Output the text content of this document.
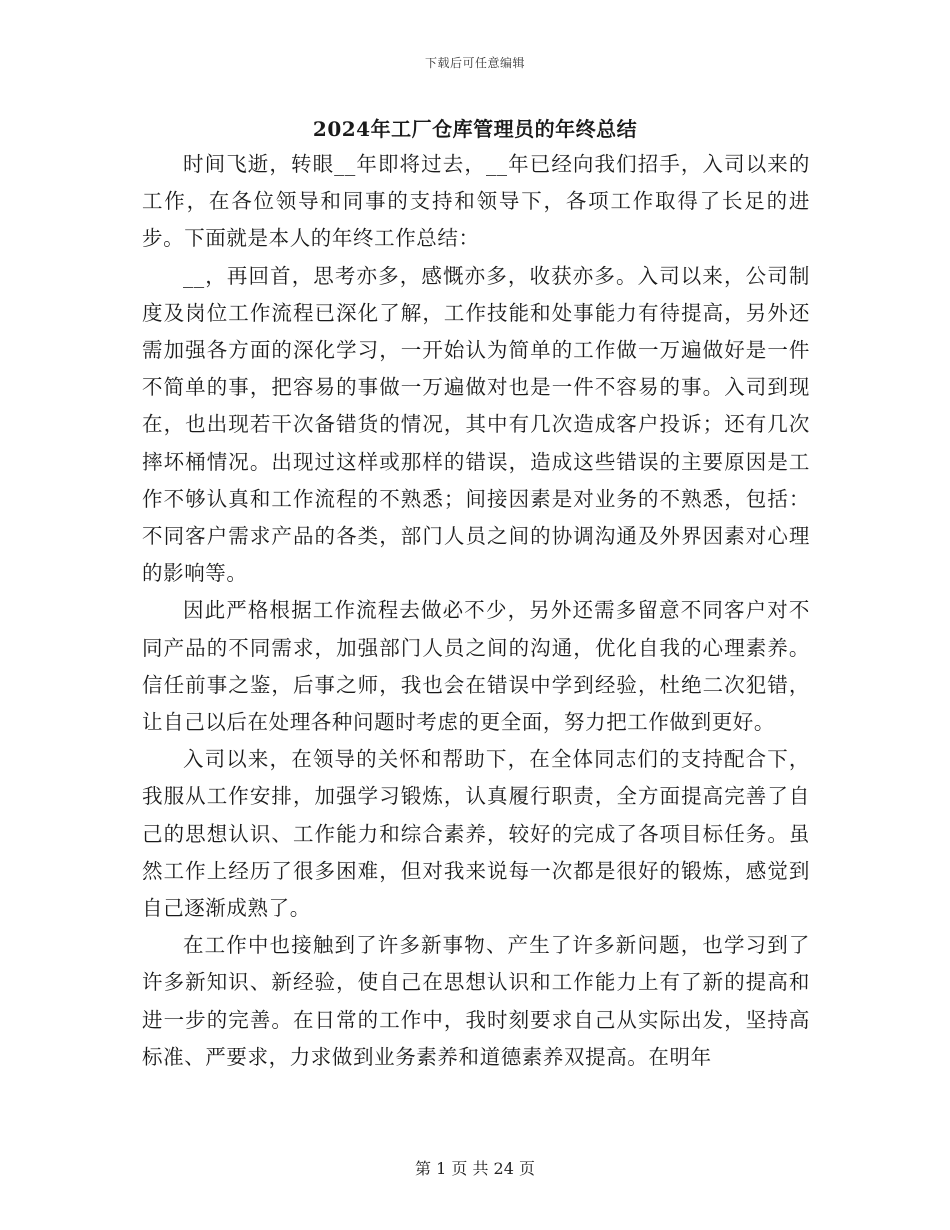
下载后可任意编辑
2024年工厂仓库管理员的年终总结

时间飞逝，转眼__年即将过去，__年已经向我们招手，入司以来的工作，在各位领导和同事的支持和领导下，各项工作取得了长足的进步。下面就是本人的年终工作总结：

__，再回首，思考亦多，感慨亦多，收获亦多。入司以来，公司制度及岗位工作流程已深化了解，工作技能和处事能力有待提高，另外还需加强各方面的深化学习，一开始认为简单的工作做一万遍做好是一件不简单的事，把容易的事做一万遍做对也是一件不容易的事。入司到现在，也出现若干次备错货的情况，其中有几次造成客户投诉；还有几次摔坏桶情况。出现过这样或那样的错误，造成这些错误的主要原因是工作不够认真和工作流程的不熟悉；间接因素是对业务的不熟悉，包括：不同客户需求产品的各类，部门人员之间的协调沟通及外界因素对心理的影响等。

因此严格根据工作流程去做必不少，另外还需多留意不同客户对不同产品的不同需求，加强部门人员之间的沟通，优化自我的心理素养。信任前事之鉴，后事之师，我也会在错误中学到经验，杜绝二次犯错，让自己以后在处理各种问题时考虑的更全面，努力把工作做到更好。

入司以来，在领导的关怀和帮助下，在全体同志们的支持配合下，我服从工作安排，加强学习锻炼，认真履行职责，全方面提高完善了自己的思想认识、工作能力和综合素养，较好的完成了各项目标任务。虽然工作上经历了很多困难，但对我来说每一次都是很好的锻炼，感觉到自己逐渐成熟了。

在工作中也接触到了许多新事物、产生了许多新问题，也学习到了许多新知识、新经验，使自己在思想认识和工作能力上有了新的提高和进一步的完善。在日常的工作中，我时刻要求自己从实际出发，坚持高标准、严要求，力求做到业务素养和道德素养双提高。在明年

第 1 页 共 24 页
